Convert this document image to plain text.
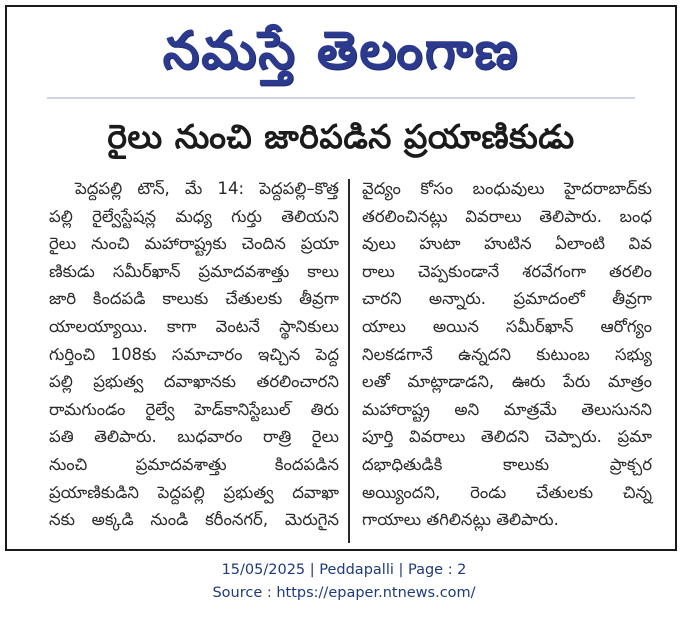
నమస్తే తెలంగాణ
రైలు నుంచి జారిపడిన ప్రయాణికుడు
పెద్దపల్లి టౌన్, మే 14: పెద్దపల్లి–కొత్త
పల్లి రైల్వేస్టేషన్ల మధ్య గుర్తు తెలియని
రైలు నుంచి మహారాష్ట్రకు చెందిన ప్రయా
ణికుడు సమీర్‌ఖాన్ ప్రమాదవశాత్తు కాలు
జారి కిందపడి కాలుకు చేతులకు తీవ్రగా
యాలయ్యాయి. కాగా వెంటనే స్థానికులు
గుర్తించి 108కు సమాచారం ఇచ్చిన పెద్ద
పల్లి ప్రభుత్వ దవాఖానకు తరలించారని
రామగుండం రైల్వే హెడ్‌కానిస్టేబుల్ తిరు
పతి తెలిపారు. బుధవారం రాత్రి రైలు
నుంచి ప్రమాదవశాత్తు కిందపడిన
ప్రయాణికుడిని పెద్దపల్లి ప్రభుత్వ దవాఖా
నకు అక్కడి నుండి కరీంనగర్, మెరుగైన
వైద్యం కోసం బంధువులు హైదరాబాద్‌కు
తరలించినట్లు వివరాలు తెలిపారు. బంధ
వులు హుటా హుటిన ఏలాంటి వివ
రాలు చెప్పకుండానే శరవేగంగా తరలిం
చారని అన్నారు. ప్రమాదంలో తీవ్రగా
యాలు అయిన సమీర్‌ఖాన్ ఆరోగ్యం
నిలకడగానే ఉన్నదని కుటుంబ సభ్యు
లతో మాట్లాడాడని, ఊరు పేరు మాత్రం
మహారాష్ట్ర అని మాత్రమే తెలుసునని
పూర్తి వివరాలు తెలిదని చెప్పారు. ప్రమా
దభాధితుడికి కాలుకు ప్రాక్చర
అయ్యిందని, రెండు చేతులకు చిన్న
గాయాలు తగిలినట్లు తెలిపారు.
15/05/2025 | Peddapalli | Page : 2
Source : https://epaper.ntnews.com/
